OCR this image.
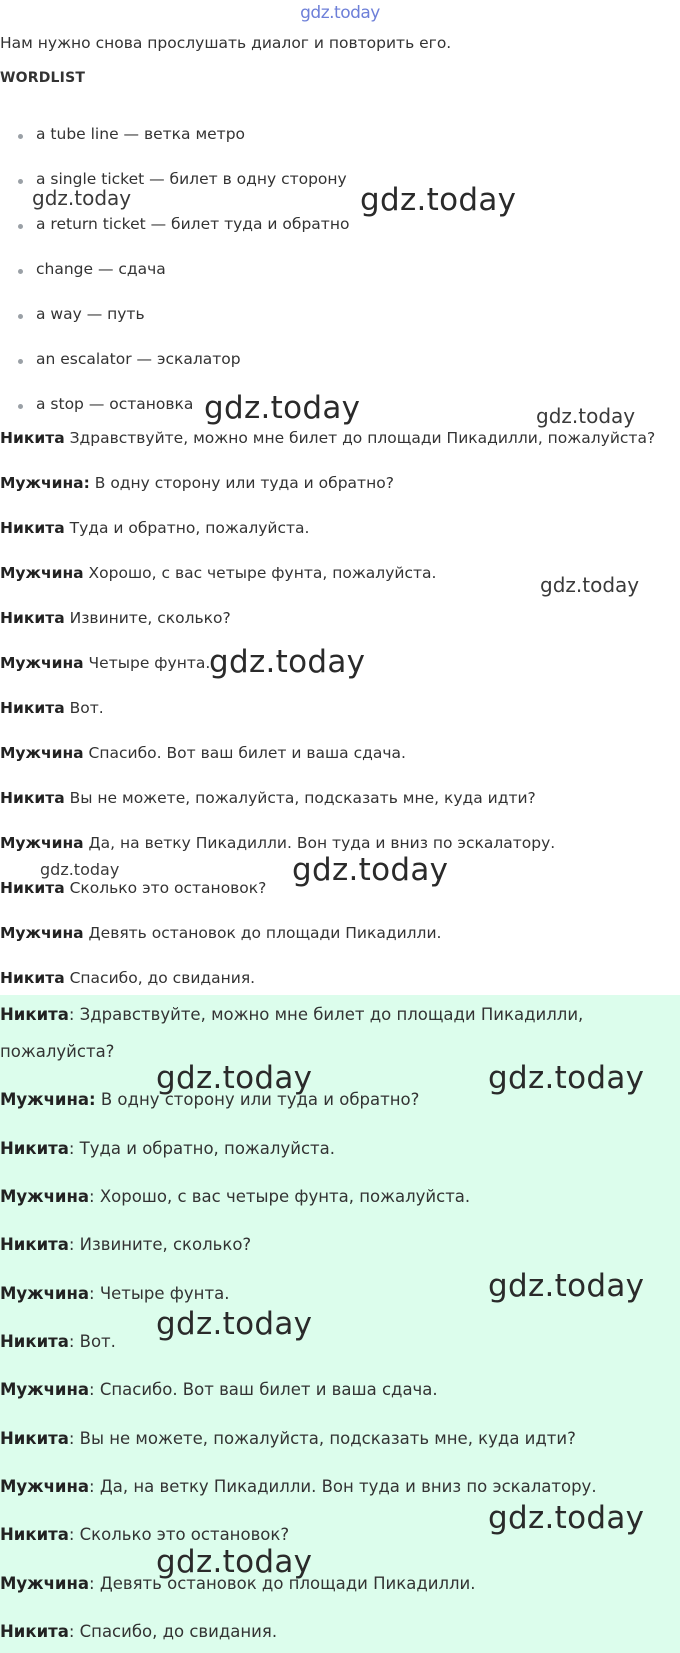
gdz.today
Нам нужно снова прослушать диалог и повторить его.
WORDLIST
a tube line — ветка метро
a single ticket — билет в одну сторону
a return ticket — билет туда и обратно
change — сдача
a way — путь
an escalator — эскалатор
a stop — остановка
Никита Здравствуйте, можно мне билет до площади Пикадилли, пожалуйста?
Мужчина: В одну сторону или туда и обратно?
Никита Туда и обратно, пожалуйста.
Мужчина Хорошо, с вас четыре фунта, пожалуйста.
Никита Извините, сколько?
Мужчина Четыре фунта.
Никита Вот.
Мужчина Спасибо. Вот ваш билет и ваша сдача.
Никита Вы не можете, пожалуйста, подсказать мне, куда идти?
Мужчина Да, на ветку Пикадилли. Вон туда и вниз по эскалатору.
Никита Сколько это остановок?
Мужчина Девять остановок до площади Пикадилли.
Никита Спасибо, до свидания.
Никита: Здравствуйте, можно мне билет до площади Пикадилли,
пожалуйста?
Мужчина: В одну сторону или туда и обратно?
Никита: Туда и обратно, пожалуйста.
Мужчина: Хорошо, с вас четыре фунта, пожалуйста.
Никита: Извините, сколько?
Мужчина: Четыре фунта.
Никита: Вот.
Мужчина: Спасибо. Вот ваш билет и ваша сдача.
Никита: Вы не можете, пожалуйста, подсказать мне, куда идти?
Мужчина: Да, на ветку Пикадилли. Вон туда и вниз по эскалатору.
Никита: Сколько это остановок?
Мужчина: Девять остановок до площади Пикадилли.
Никита: Спасибо, до свидания.
gdz.today	gdz.today
gdz.today	gdz.today
gdz.today
gdz.today
gdz.today	gdz.today
gdz.today	gdz.today
gdz.today
gdz.today
gdz.today
gdz.today
